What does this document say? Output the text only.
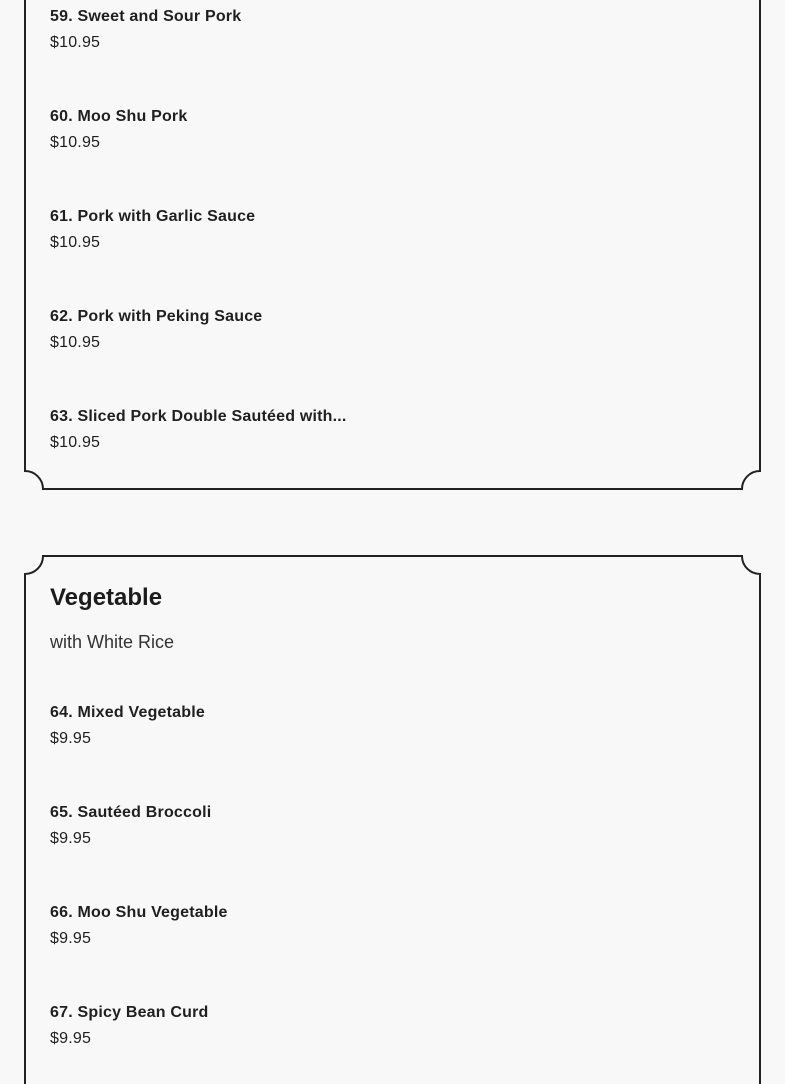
59. Sweet and Sour Pork
$10.95
60. Moo Shu Pork
$10.95
61. Pork with Garlic Sauce
$10.95
62. Pork with Peking Sauce
$10.95
63. Sliced Pork Double Sautéed with...
$10.95
Vegetable

with White Rice

64. Mixed Vegetable
$9.95
65. Sautéed Broccoli
$9.95
66. Moo Shu Vegetable
$9.95
67. Spicy Bean Curd
$9.95
